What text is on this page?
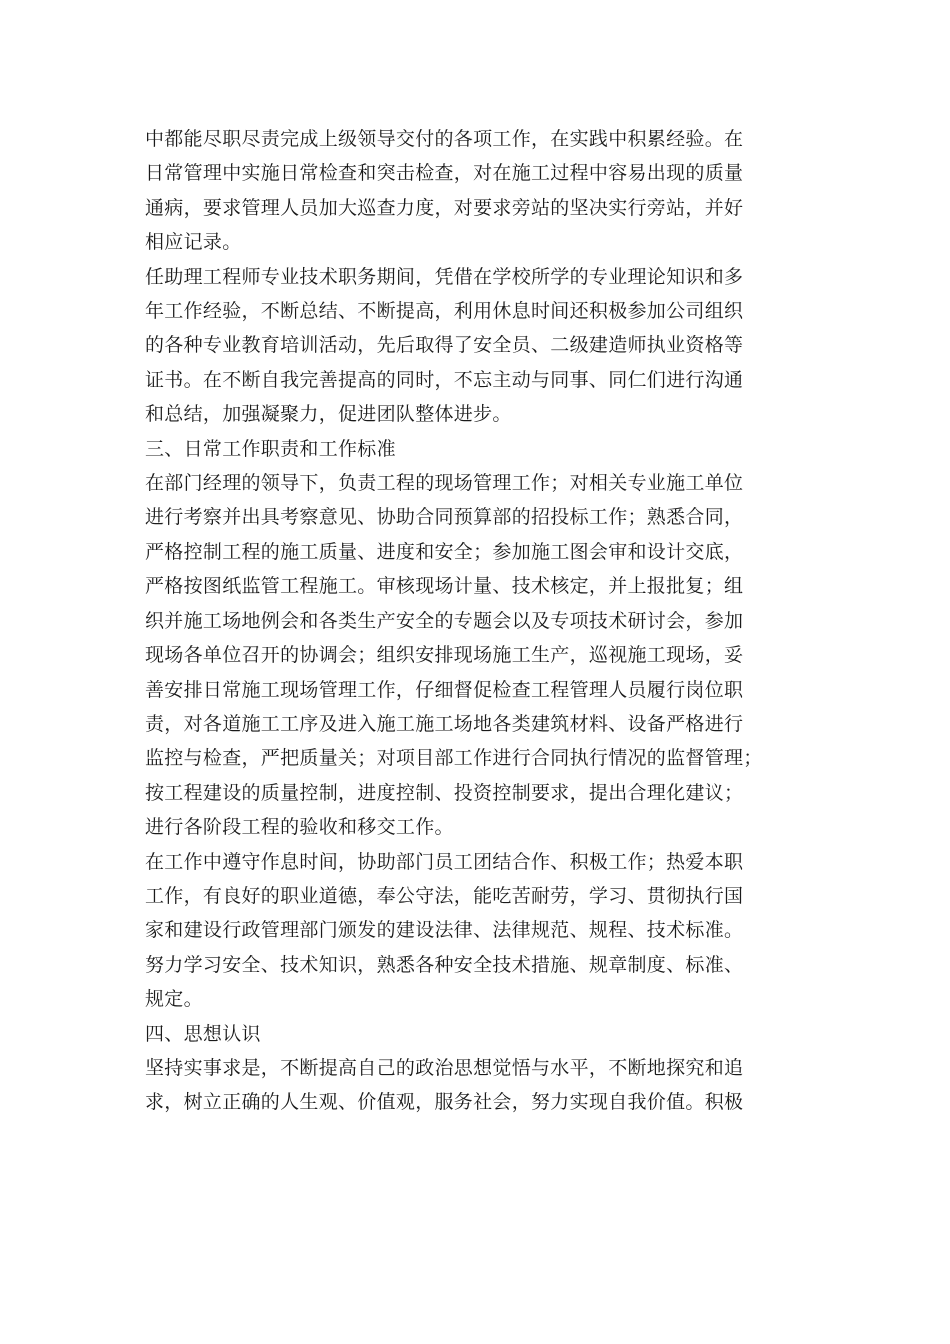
中都能尽职尽责完成上级领导交付的各项工作，在实践中积累经验。在
日常管理中实施日常检查和突击检查，对在施工过程中容易出现的质量
通病，要求管理人员加大巡查力度，对要求旁站的坚决实行旁站，并好
相应记录。

任助理工程师专业技术职务期间，凭借在学校所学的专业理论知识和多
年工作经验，不断总结、不断提高，利用休息时间还积极参加公司组织
的各种专业教育培训活动，先后取得了安全员、二级建造师执业资格等
证书。在不断自我完善提高的同时，不忘主动与同事、同仁们进行沟通
和总结，加强凝聚力，促进团队整体进步。

三、日常工作职责和工作标准

在部门经理的领导下，负责工程的现场管理工作；对相关专业施工单位
进行考察并出具考察意见、协助合同预算部的招投标工作；熟悉合同，
严格控制工程的施工质量、进度和安全；参加施工图会审和设计交底，
严格按图纸监管工程施工。审核现场计量、技术核定，并上报批复；组
织并施工场地例会和各类生产安全的专题会以及专项技术研讨会，参加
现场各单位召开的协调会；组织安排现场施工生产，巡视施工现场，妥
善安排日常施工现场管理工作，仔细督促检查工程管理人员履行岗位职
责，对各道施工工序及进入施工施工场地各类建筑材料、设备严格进行
监控与检查，严把质量关；对项目部工作进行合同执行情况的监督管理；
按工程建设的质量控制，进度控制、投资控制要求，提出合理化建议；
进行各阶段工程的验收和移交工作。

在工作中遵守作息时间，协助部门员工团结合作、积极工作；热爱本职
工作，有良好的职业道德，奉公守法，能吃苦耐劳，学习、贯彻执行国
家和建设行政管理部门颁发的建设法律、法律规范、规程、技术标准。
努力学习安全、技术知识，熟悉各种安全技术措施、规章制度、标准、
规定。

四、思想认识

坚持实事求是，不断提高自己的政治思想觉悟与水平，不断地探究和追
求，树立正确的人生观、价值观，服务社会，努力实现自我价值。积极
